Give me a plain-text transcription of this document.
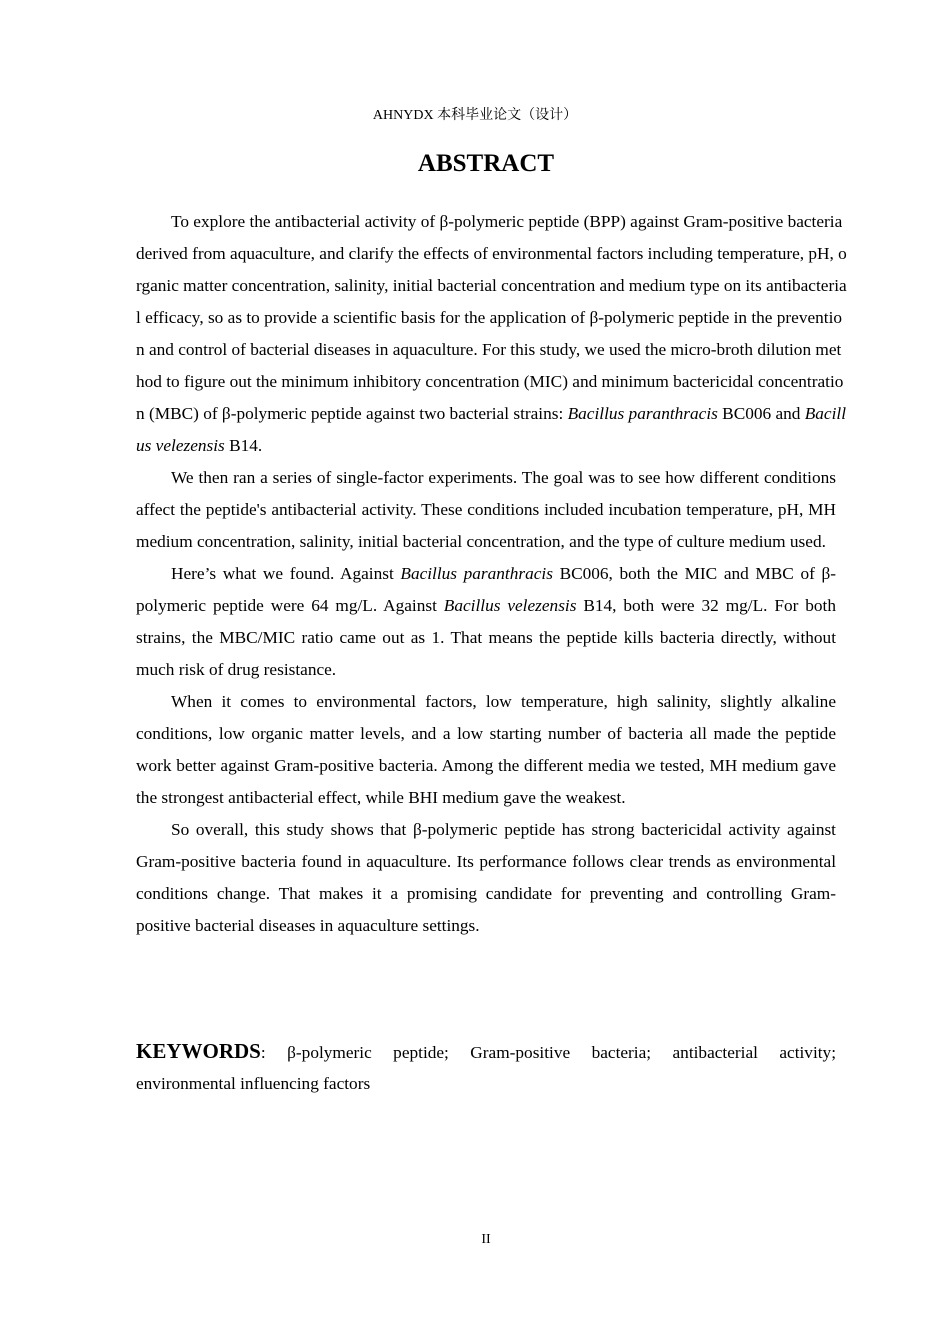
AHNYDX 本科毕业论文（设计）
ABSTRACT

To explore the antibacterial activity of β-polymeric peptide (BPP) against Gram-positive bacteria derived from aquaculture, and clarify the effects of environmental factors including temperature, pH, organic matter concentration, salinity, initial bacterial concentration and medium type on its antibacterial efficacy, so as to provide a scientific basis for the application of β-polymeric peptide in the prevention and control of bacterial diseases in aquaculture. For this study, we used the micro-broth dilution method to figure out the minimum inhibitory concentration (MIC) and minimum bactericidal concentration (MBC) of β-polymeric peptide against two bacterial strains: Bacillus paranthracis BC006 and Bacillus velezensis B14.

We then ran a series of single-factor experiments. The goal was to see how different conditions affect the peptide's antibacterial activity. These conditions included incubation temperature, pH, MH medium concentration, salinity, initial bacterial concentration, and the type of culture medium used.

Here’s what we found. Against Bacillus paranthracis BC006, both the MIC and MBC of β-polymeric peptide were 64 mg/L. Against Bacillus velezensis B14, both were 32 mg/L. For both strains, the MBC/MIC ratio came out as 1. That means the peptide kills bacteria directly, without much risk of drug resistance.

When it comes to environmental factors, low temperature, high salinity, slightly alkaline conditions, low organic matter levels, and a low starting number of bacteria all made the peptide work better against Gram-positive bacteria. Among the different media we tested, MH medium gave the strongest antibacterial effect, while BHI medium gave the weakest.

So overall, this study shows that β-polymeric peptide has strong bactericidal activity against Gram-positive bacteria found in aquaculture. Its performance follows clear trends as environmental conditions change. That makes it a promising candidate for preventing and controlling Gram-positive bacterial diseases in aquaculture settings.

KEYWORDS: β-polymeric peptide; Gram-positive bacteria; antibacterial activity; environmental influencing factors
II
